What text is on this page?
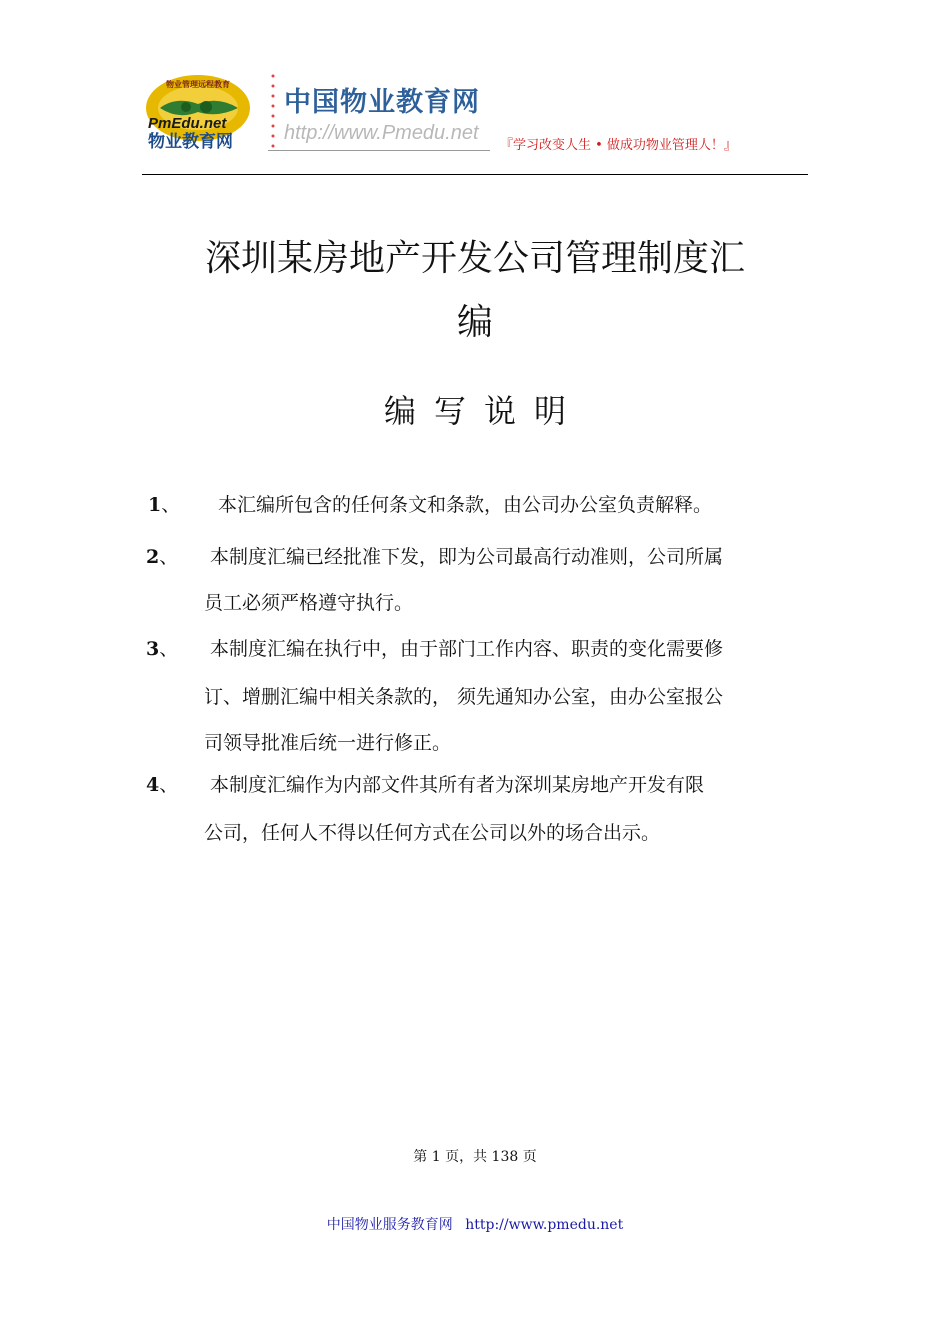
物业管理远程教育
PmEdu.net
物业教育网
中国物业教育网
http://www.Pmedu.net
『学习改变人生 • 做成功物业管理人！』
深圳某房地产开发公司管理制度汇
编
编写说明
1、 本汇编所包含的任何条文和条款，由公司办公室负责解释。
2、 本制度汇编已经批准下发，即为公司最高行动准则，公司所属
员工必须严格遵守执行。
3、 本制度汇编在执行中，由于部门工作内容、职责的变化需要修
订、增删汇编中相关条款的， 须先通知办公室，由办公室报公
司领导批准后统一进行修正。
4、 本制度汇编作为内部文件其所有者为深圳某房地产开发有限
公司，任何人不得以任何方式在公司以外的场合出示。
第 1 页，共 138 页
中国物业服务教育网 http://www.pmedu.net
